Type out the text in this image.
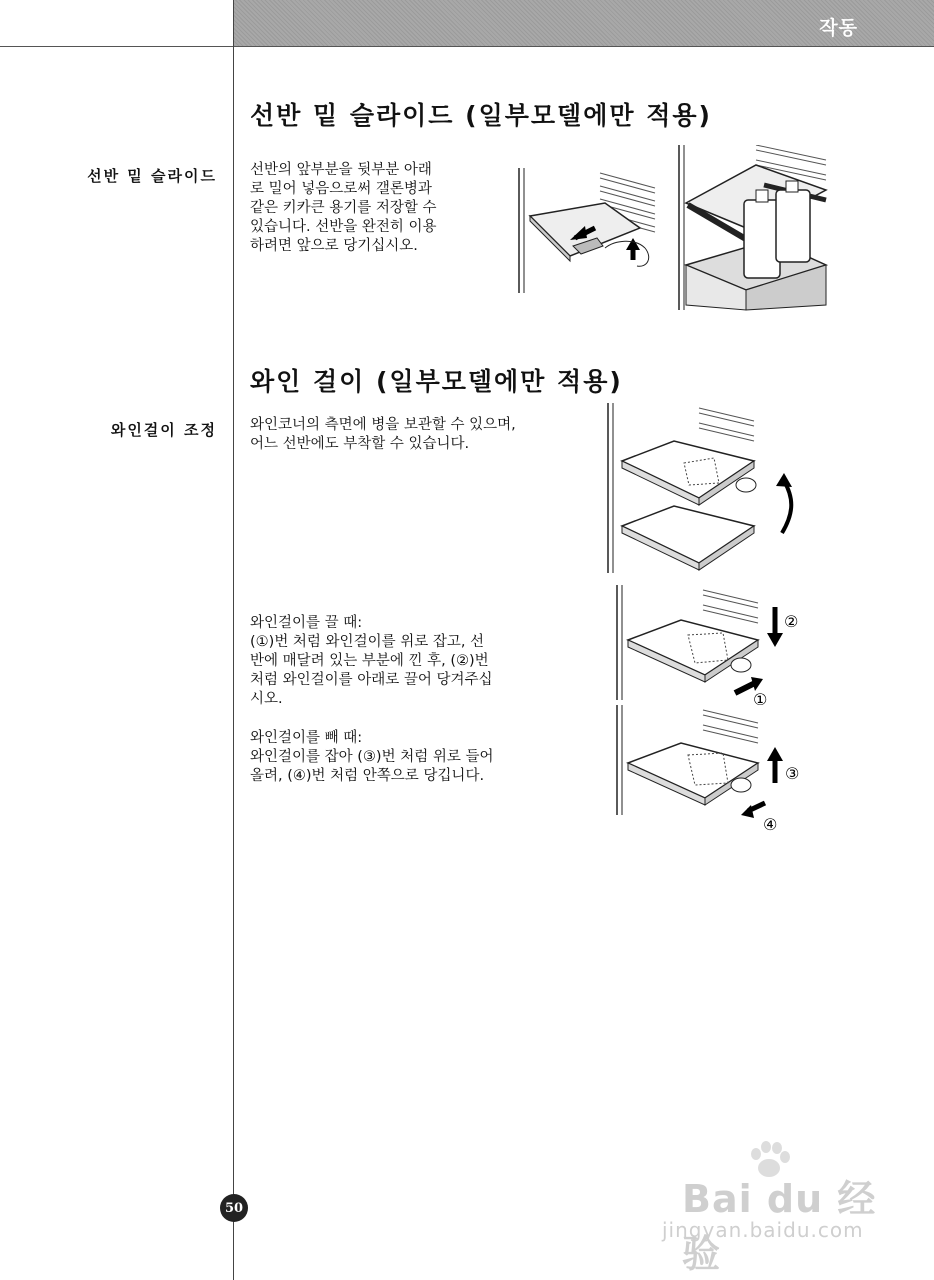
작동
선반 밑 슬라이드 (일부모델에만 적용)
선반 밑 슬라이드 선반의 앞부분을 뒷부분 아래
로 밀어 넣음으로써 갤론병과
같은 키카큰 용기를 저장할 수
있습니다. 선반을 완전히 이용
하려면 앞으로 당기십시오.
와인 걸이 (일부모델에만 적용)
와인걸이 조정 와인코너의 측면에 병을 보관할 수 있으며,
어느 선반에도 부착할 수 있습니다.
와인걸이를 끌 때:
(①)번 처럼 와인걸이를 위로 잡고, 선
반에 매달려 있는 부분에 낀 후, (②)번
처럼 와인걸이를 아래로 끌어 당겨주십
시오.
와인걸이를 빼 때:
와인걸이를 잡아 (③)번 처럼 위로 들어
올려, (④)번 처럼 안쪽으로 당깁니다.
②
①
③
④
50	Bai du 经验
jingyan.baidu.com
